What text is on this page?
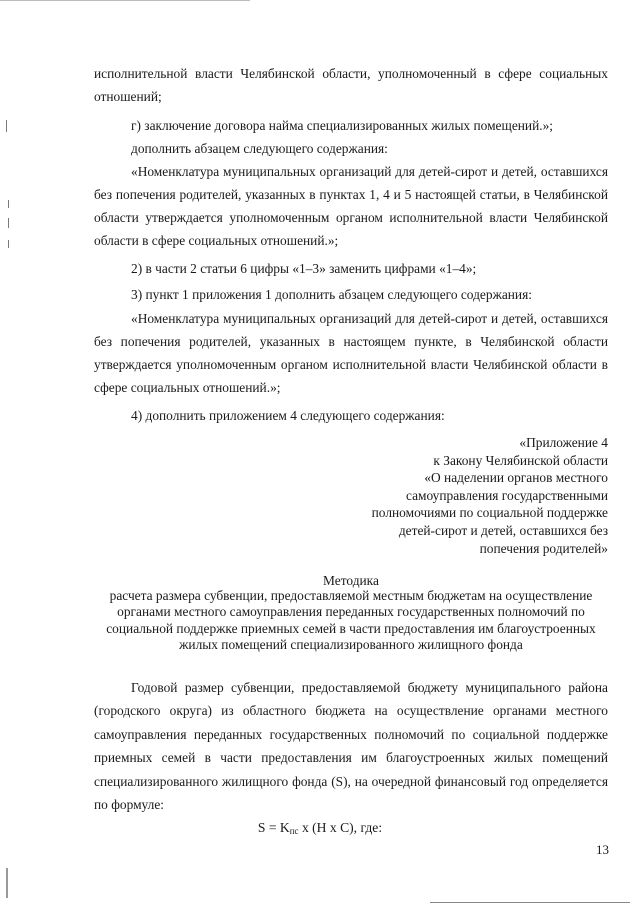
исполнительной власти Челябинской области, уполномоченный в сфере социальных отношений;

г) заключение договора найма специализированных жилых помещений.»;

дополнить абзацем следующего содержания:

«Номенклатура муниципальных организаций для детей-сирот и детей, оставшихся без попечения родителей, указанных в пунктах 1, 4 и 5 настоящей статьи, в Челябинской области утверждается уполномоченным органом исполнительной власти Челябинской области в сфере социальных отношений.»;

2) в части 2 статьи 6 цифры «1–3» заменить цифрами «1–4»;

3) пункт 1 приложения 1 дополнить абзацем следующего содержания:

«Номенклатура муниципальных организаций для детей-сирот и детей, оставшихся без попечения родителей, указанных в настоящем пункте, в Челябинской области утверждается уполномоченным органом исполнительной власти Челябинской области в сфере социальных отношений.»;

4) дополнить приложением 4 следующего содержания:

«Приложение 4
к Закону Челябинской области
«О наделении органов местного
самоуправления государственными
полномочиями по социальной поддержке
детей-сирот и детей, оставшихся без
попечения родителей»
Методика
расчета размера субвенции, предоставляемой местным бюджетам на осуществление
органами местного самоуправления переданных государственных полномочий по
социальной поддержке приемных семей в части предоставления им благоустроенных
жилых помещений специализированного жилищного фонда

Годовой размер субвенции, предоставляемой бюджету муниципального района (городского округа) из областного бюджета на осуществление органами местного самоуправления переданных государственных полномочий по социальной поддержке приемных семей в части предоставления им благоустроенных жилых помещений специализированного жилищного фонда (S), на очередной финансовый год определяется по формуле:

$S = K_{пс}$ x (H x C), где:
13
